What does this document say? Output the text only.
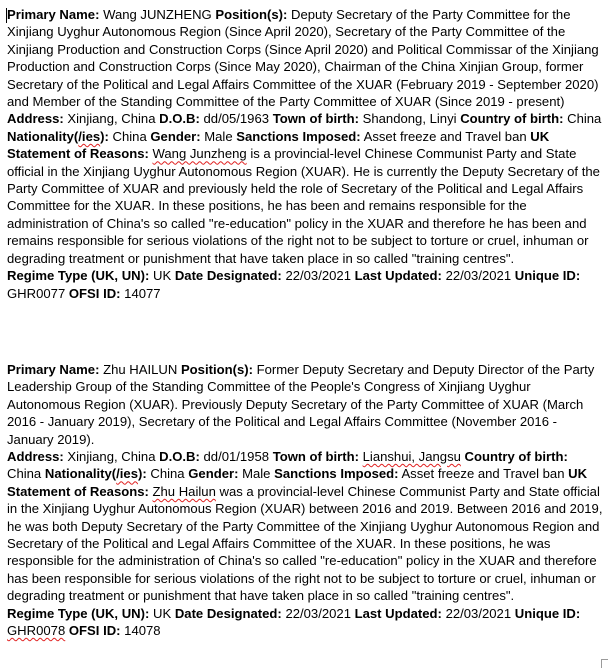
Primary Name: Wang JUNZHENG Position(s): Deputy Secretary of the Party Committee for the Xinjiang Uyghur Autonomous Region (Since April 2020), Secretary of the Party Committee of the Xinjiang Production and Construction Corps (Since April 2020) and Political Commissar of the Xinjiang Production and Construction Corps (Since May 2020), Chairman of the China Xinjian Group, former Secretary of the Political and Legal Affairs Committee of the XUAR (February 2019 - September 2020) and Member of the Standing Committee of the Party Committee of XUAR (Since 2019 - present)
Address: Xinjiang, China D.O.B: dd/05/1963 Town of birth: Shandong, Linyi Country of birth: China Nationality(/ies): China Gender: Male Sanctions Imposed: Asset freeze and Travel ban UK Statement of Reasons: Wang Junzheng is a provincial-level Chinese Communist Party and State official in the Xinjiang Uyghur Autonomous Region (XUAR). He is currently the Deputy Secretary of the Party Committee of XUAR and previously held the role of Secretary of the Political and Legal Affairs Committee for the XUAR. In these positions, he has been and remains responsible for the administration of China's so called "re-education" policy in the XUAR and therefore he has been and remains responsible for serious violations of the right not to be subject to torture or cruel, inhuman or degrading treatment or punishment that have taken place in so called "training centres".
Regime Type (UK, UN): UK Date Designated: 22/03/2021 Last Updated: 22/03/2021 Unique ID: GHR0077 OFSI ID: 14077

Primary Name: Zhu HAILUN Position(s): Former Deputy Secretary and Deputy Director of the Party Leadership Group of the Standing Committee of the People's Congress of Xinjiang Uyghur Autonomous Region (XUAR). Previously Deputy Secretary of the Party Committee of XUAR (March 2016 - January 2019), Secretary of the Political and Legal Affairs Committee (November 2016 - January 2019).
Address: Xinjiang, China D.O.B: dd/01/1958 Town of birth: Lianshui, Jangsu Country of birth: China Nationality(/ies): China Gender: Male Sanctions Imposed: Asset freeze and Travel ban UK Statement of Reasons: Zhu Hailun was a provincial-level Chinese Communist Party and State official in the Xinjiang Uyghur Autonomous Region (XUAR) between 2016 and 2019. Between 2016 and 2019, he was both Deputy Secretary of the Party Committee of the Xinjiang Uyghur Autonomous Region and Secretary of the Political and Legal Affairs Committee of the XUAR. In these positions, he was responsible for the administration of China's so called "re-education" policy in the XUAR and therefore has been responsible for serious violations of the right not to be subject to torture or cruel, inhuman or degrading treatment or punishment that have taken place in so called "training centres".
Regime Type (UK, UN): UK Date Designated: 22/03/2021 Last Updated: 22/03/2021 Unique ID: GHR0078 OFSI ID: 14078
